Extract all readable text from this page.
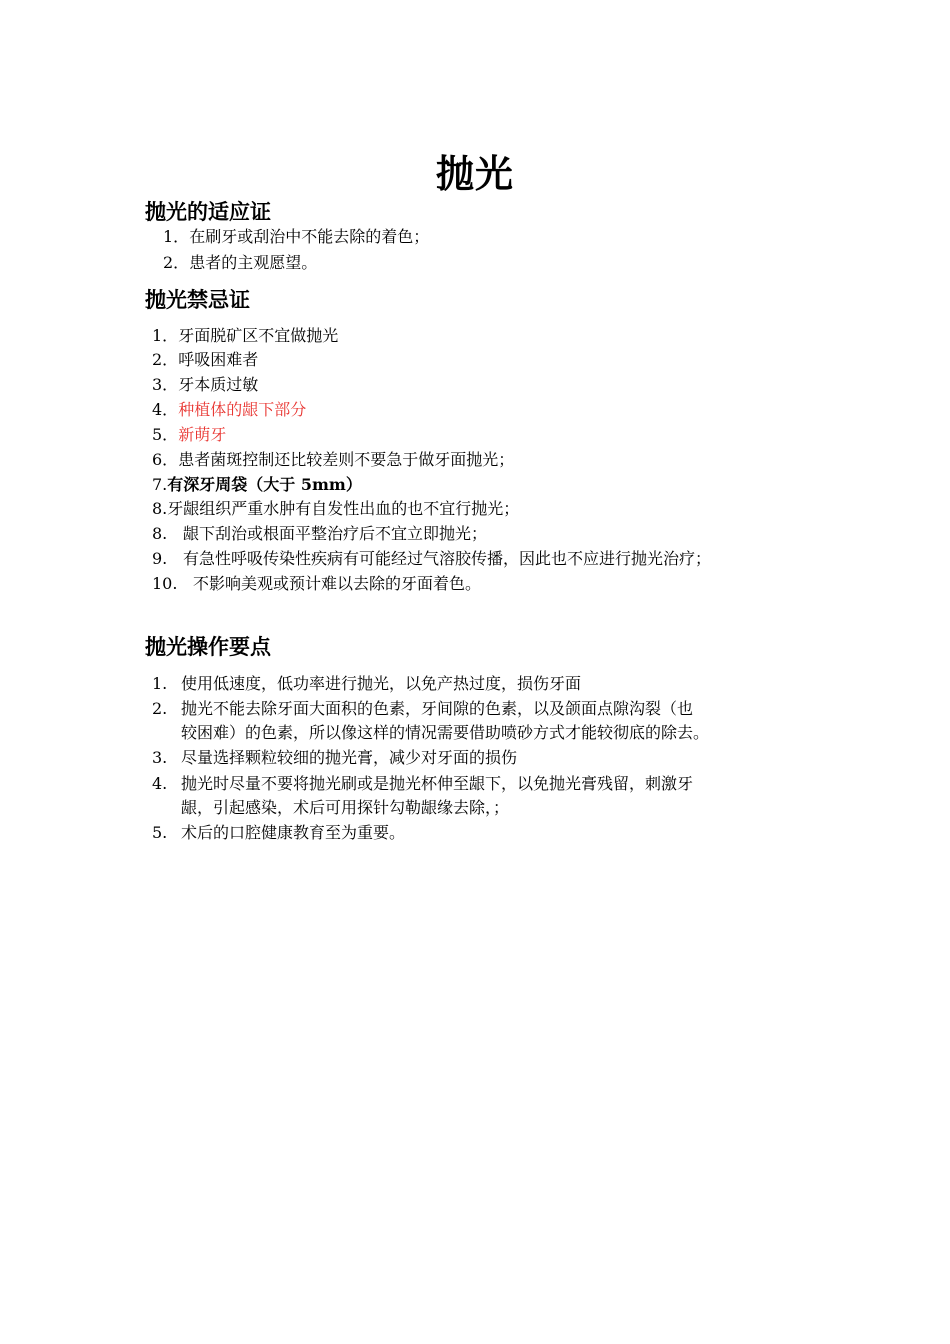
抛光
抛光的适应证
1．在刷牙或刮治中不能去除的着色；
2．患者的主观愿望。
抛光禁忌证
1．牙面脱矿区不宜做抛光
2．呼吸困难者
3．牙本质过敏
4．种植体的龈下部分
5．新萌牙
6．患者菌斑控制还比较差则不要急于做牙面抛光；
7.有深牙周袋（大于 5mm）
8.牙龈组织严重水肿有自发性出血的也不宜行抛光；
8. 龈下刮治或根面平整治疗后不宜立即抛光；
9. 有急性呼吸传染性疾病有可能经过气溶胶传播，因此也不应进行抛光治疗；
10. 不影响美观或预计难以去除的牙面着色。
抛光操作要点
1. 使用低速度，低功率进行抛光，以免产热过度，损伤牙面
2. 抛光不能去除牙面大面积的色素，牙间隙的色素，以及颌面点隙沟裂（也
较困难）的色素，所以像这样的情况需要借助喷砂方式才能较彻底的除去。
3. 尽量选择颗粒较细的抛光膏，减少对牙面的损伤
4. 抛光时尽量不要将抛光刷或是抛光杯伸至龈下，以免抛光膏残留，刺激牙
龈，引起感染，术后可用探针勾勒龈缘去除，；
5. 术后的口腔健康教育至为重要。
